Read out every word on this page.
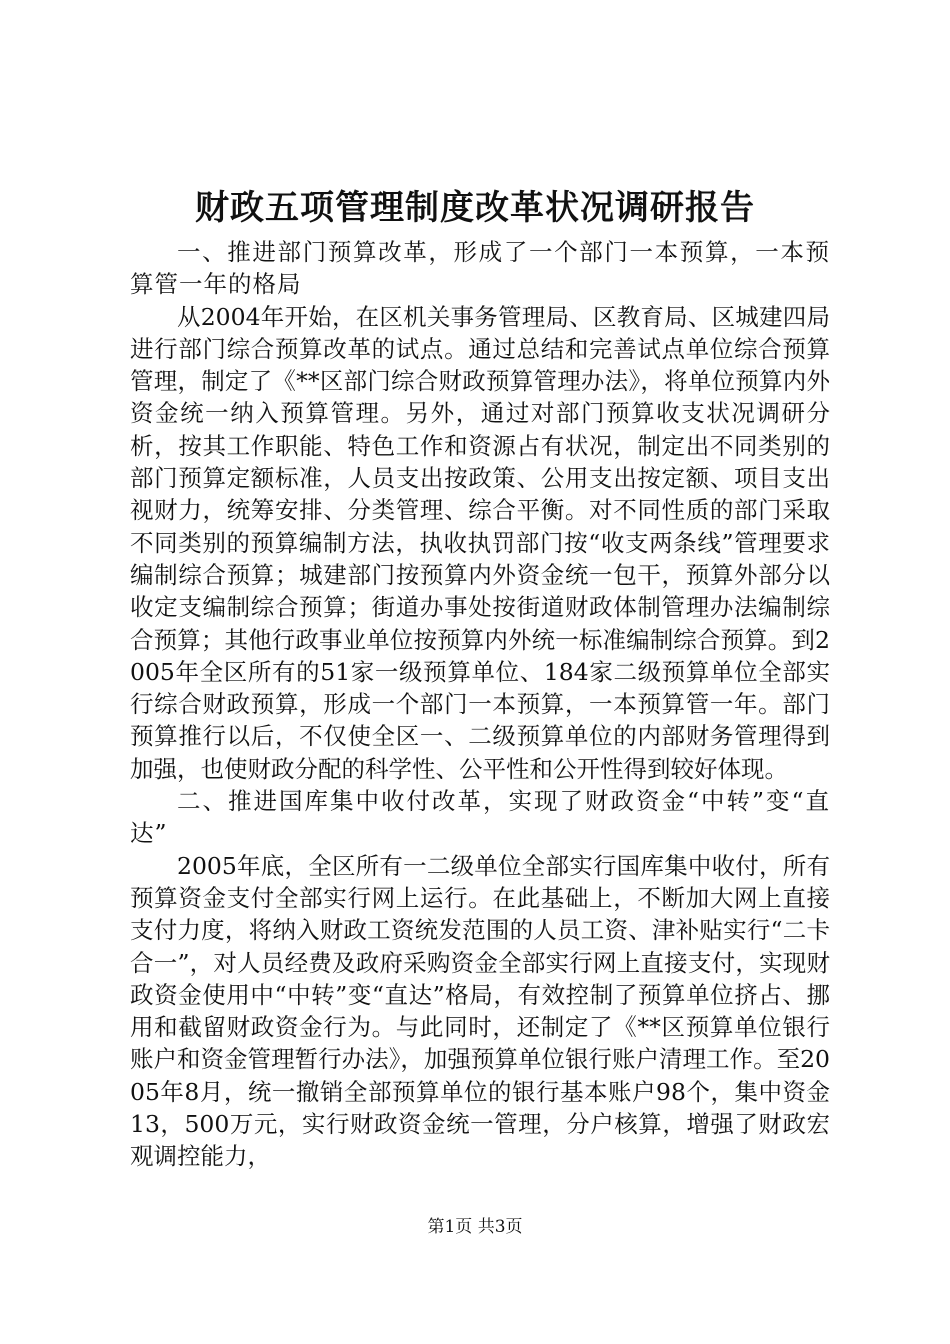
财政五项管理制度改革状况调研报告

一、推进部门预算改革，形成了一个部门一本预算，一本预算管一年的格局

从2004年开始，在区机关事务管理局、区教育局、区城建四局进行部门综合预算改革的试点。通过总结和完善试点单位综合预算管理，制定了《**区部门综合财政预算管理办法》，将单位预算内外资金统一纳入预算管理。另外，通过对部门预算收支状况调研分析，按其工作职能、特色工作和资源占有状况，制定出不同类别的部门预算定额标准，人员支出按政策、公用支出按定额、项目支出视财力，统筹安排、分类管理、综合平衡。对不同性质的部门采取不同类别的预算编制方法，执收执罚部门按“收支两条线”管理要求编制综合预算；城建部门按预算内外资金统一包干，预算外部分以收定支编制综合预算；街道办事处按街道财政体制管理办法编制综合预算；其他行政事业单位按预算内外统一标准编制综合预算。到2005年全区所有的51家一级预算单位、184家二级预算单位全部实行综合财政预算，形成一个部门一本预算，一本预算管一年。部门预算推行以后，不仅使全区一、二级预算单位的内部财务管理得到加强，也使财政分配的科学性、公平性和公开性得到较好体现。

二、推进国库集中收付改革，实现了财政资金“中转”变“直达”

2005年底，全区所有一二级单位全部实行国库集中收付，所有预算资金支付全部实行网上运行。在此基础上，不断加大网上直接支付力度，将纳入财政工资统发范围的人员工资、津补贴实行“二卡合一”，对人员经费及政府采购资金全部实行网上直接支付，实现财政资金使用中“中转”变“直达”格局，有效控制了预算单位挤占、挪用和截留财政资金行为。与此同时，还制定了《**区预算单位银行账户和资金管理暂行办法》，加强预算单位银行账户清理工作。至2005年8月，统一撤销全部预算单位的银行基本账户98个，集中资金13，500万元，实行财政资金统一管理，分户核算，增强了财政宏观调控能力，

第1页 共3页
